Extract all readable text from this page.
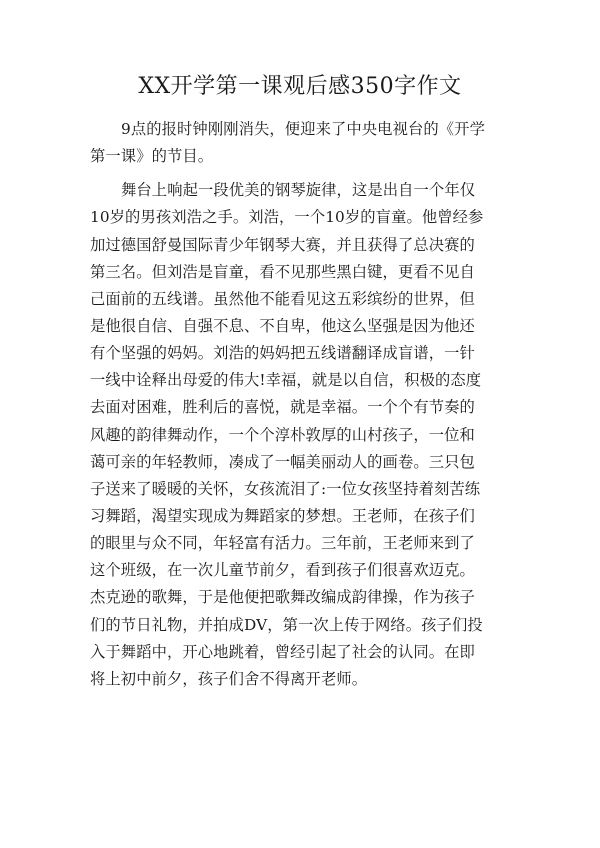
XX开学第一课观后感350字作文
9点的报时钟刚刚消失，便迎来了中央电视台的《开学
第一课》的节目。
舞台上响起一段优美的钢琴旋律，这是出自一个年仅
10岁的男孩刘浩之手。刘浩，一个10岁的盲童。他曾经参
加过德国舒曼国际青少年钢琴大赛，并且获得了总决赛的
第三名。但刘浩是盲童，看不见那些黑白键，更看不见自
己面前的五线谱。虽然他不能看见这五彩缤纷的世界，但
是他很自信、自强不息、不自卑，他这么坚强是因为他还
有个坚强的妈妈。刘浩的妈妈把五线谱翻译成盲谱，一针
一线中诠释出母爱的伟大!幸福，就是以自信，积极的态度
去面对困难，胜利后的喜悦，就是幸福。一个个有节奏的
风趣的韵律舞动作，一个个淳朴敦厚的山村孩子，一位和
蔼可亲的年轻教师，凑成了一幅美丽动人的画卷。三只包
子送来了暖暖的关怀，女孩流泪了:一位女孩坚持着刻苦练
习舞蹈，渴望实现成为舞蹈家的梦想。王老师，在孩子们
的眼里与众不同，年轻富有活力。三年前，王老师来到了
这个班级，在一次儿童节前夕，看到孩子们很喜欢迈克。
杰克逊的歌舞，于是他便把歌舞改编成韵律操，作为孩子
们的节日礼物，并拍成DV，第一次上传于网络。孩子们投
入于舞蹈中，开心地跳着，曾经引起了社会的认同。在即
将上初中前夕，孩子们舍不得离开老师。
